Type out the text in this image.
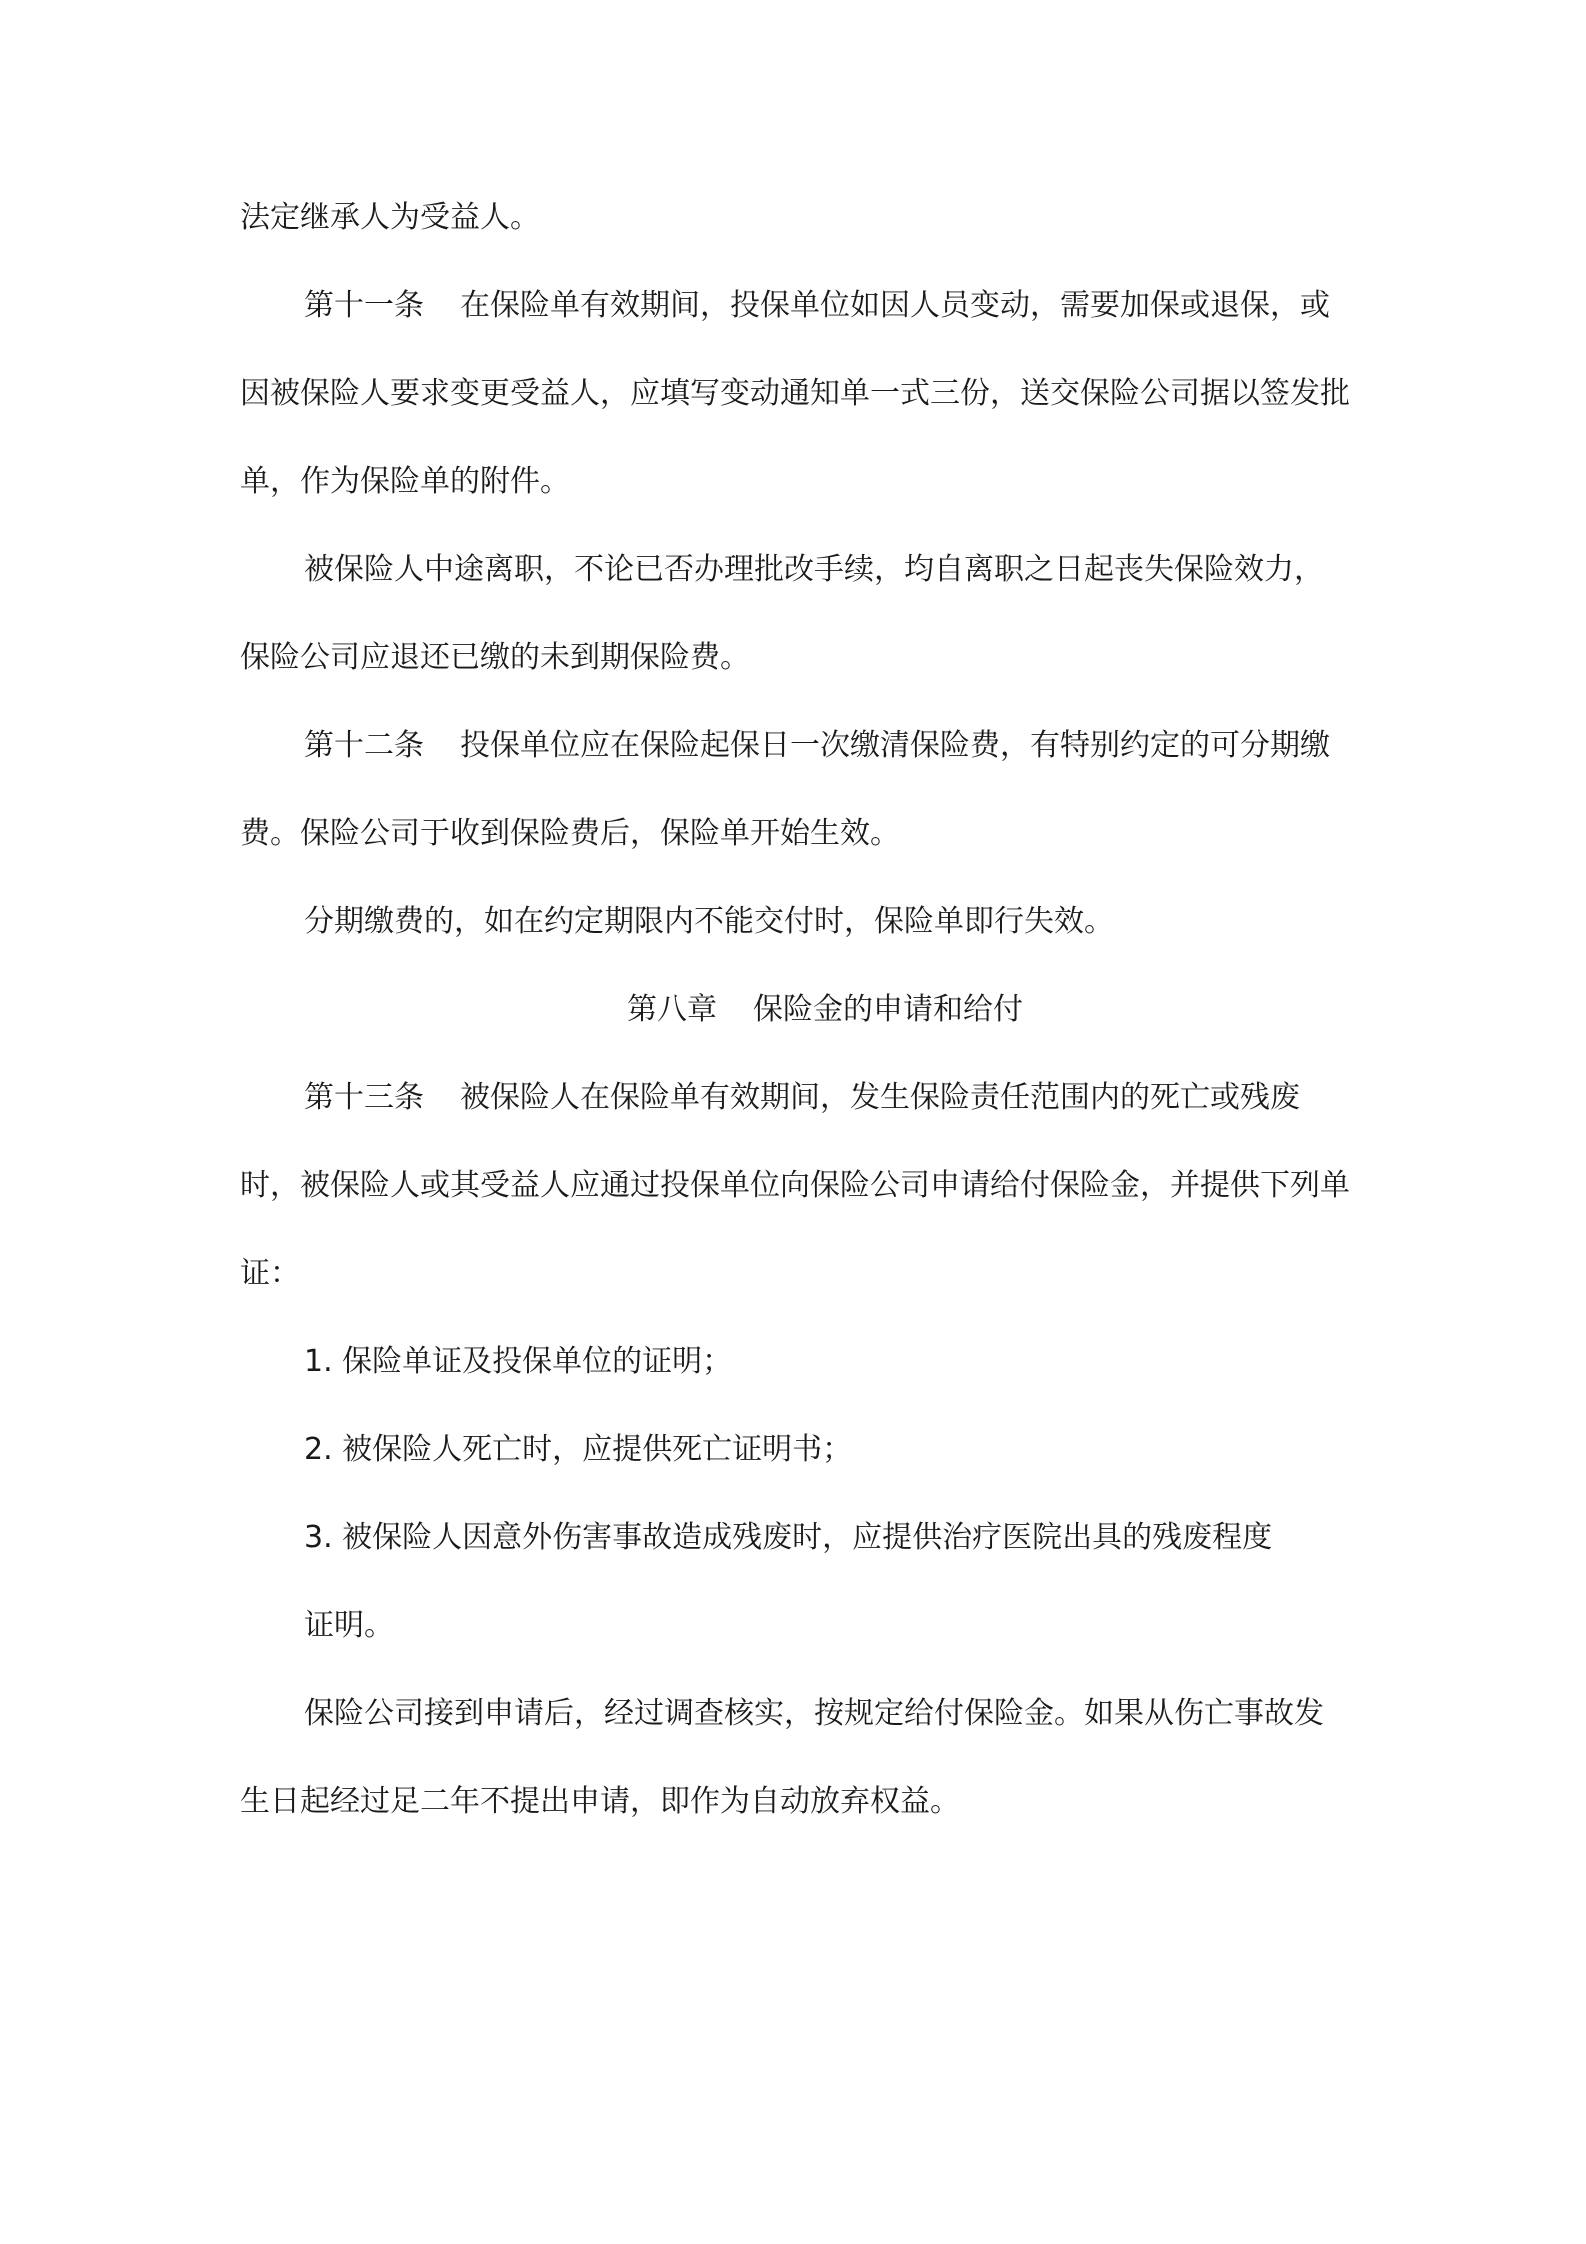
法定继承人为受益人。

第十一条 在保险单有效期间，投保单位如因人员变动，需要加保或退保，或因被保险人要求变更受益人，应填写变动通知单一式三份，送交保险公司据以签发批单，作为保险单的附件。

被保险人中途离职，不论已否办理批改手续，均自离职之日起丧失保险效力，保险公司应退还已缴的未到期保险费。

第十二条 投保单位应在保险起保日一次缴清保险费，有特别约定的可分期缴费。保险公司于收到保险费后，保险单开始生效。

分期缴费的，如在约定期限内不能交付时，保险单即行失效。

第八章 保险金的申请和给付

第十三条 被保险人在保险单有效期间，发生保险责任范围内的死亡或残废时，被保险人或其受益人应通过投保单位向保险公司申请给付保险金，并提供下列单证：

1. 保险单证及投保单位的证明；

2. 被保险人死亡时，应提供死亡证明书；

3. 被保险人因意外伤害事故造成残废时，应提供治疗医院出具的残废程度
证明。

保险公司接到申请后，经过调查核实，按规定给付保险金。如果从伤亡事故发生日起经过足二年不提出申请，即作为自动放弃权益。
